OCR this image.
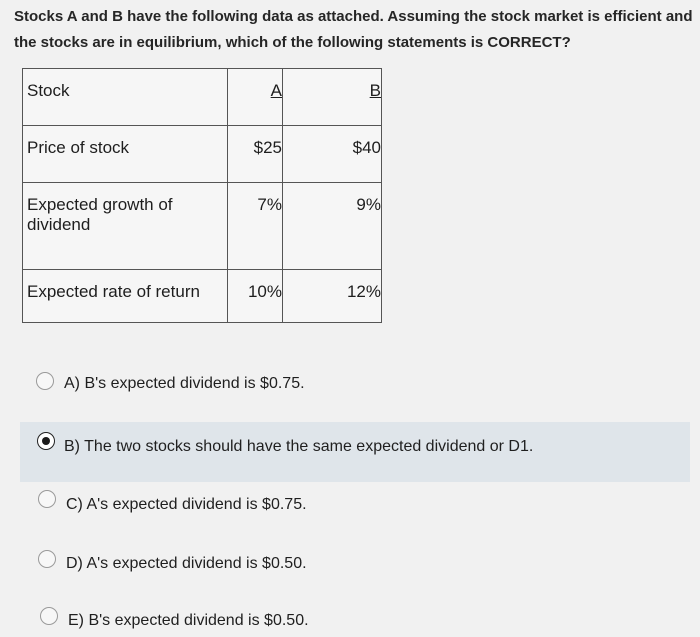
Stocks A and B have the following data as attached. Assuming the stock market is efficient and the stocks are in equilibrium, which of the following statements is CORRECT?
Stock	A	B
Price of stock	$25	$40
Expected growth of dividend	7%	9%
Expected rate of return	10%	12%
A) B's expected dividend is $0.75.
B) The two stocks should have the same expected dividend or D1.
C) A's expected dividend is $0.75.
D) A's expected dividend is $0.50.
E) B's expected dividend is $0.50.
